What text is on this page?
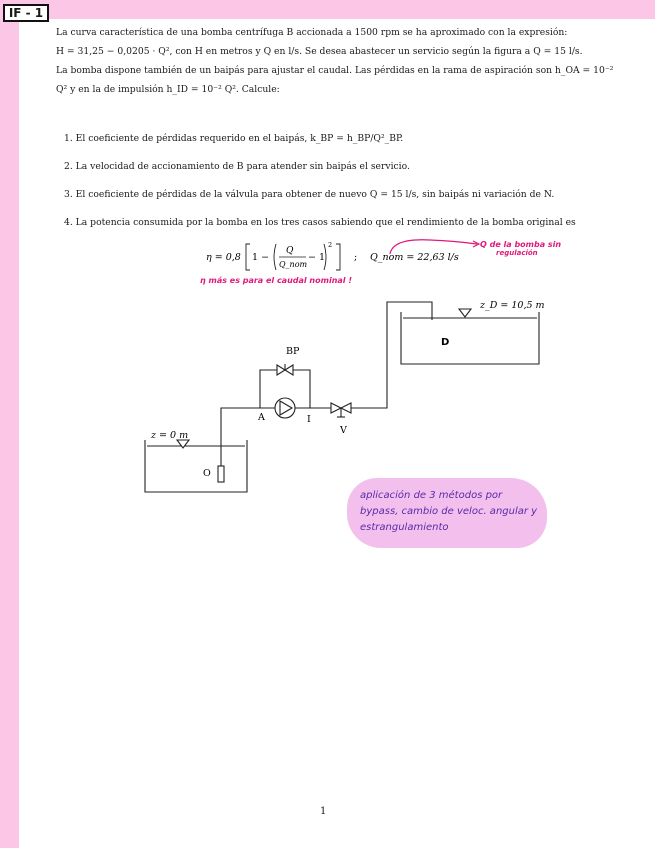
IF - 1
La curva característica de una bomba centrífuga B accionada a 1500 rpm se ha aproximado con la expresión:
H = 31,25 − 0,0205 · Q², con H en metros y Q en l/s. Se desea abastecer un servicio según la figura a Q = 15 l/s.
La bomba dispone también de un baipás para ajustar el caudal. Las pérdidas en la rama de aspiración son h_OA = 10⁻²
Q² y en la de impulsión h_ID = 10⁻² Q². Calcule:
1. El coeficiente de pérdidas requerido en el baipás, k_BP = h_BP/Q²_BP.
2. La velocidad de accionamiento de B para atender sin baipás el servicio.
3. El coeficiente de pérdidas de la válvula para obtener de nuevo Q = 15 l/s, sin baipás ni variación de N.
4. La potencia consumida por la bomba en los tres casos sabiendo que el rendimiento de la bomba original es
η = 0,8 1 −
Q
Q_nom
− 1
2
; Q_nom = 22,63 l/s
Q de la bomba sin
regulación
η más es para el caudal nominal !
z_D = 10,5 m
z = 0 m
D
BP
A	I
V
O
aplicación de 3 métodos por bypass, cambio de veloc. angular y estrangulamiento
1
